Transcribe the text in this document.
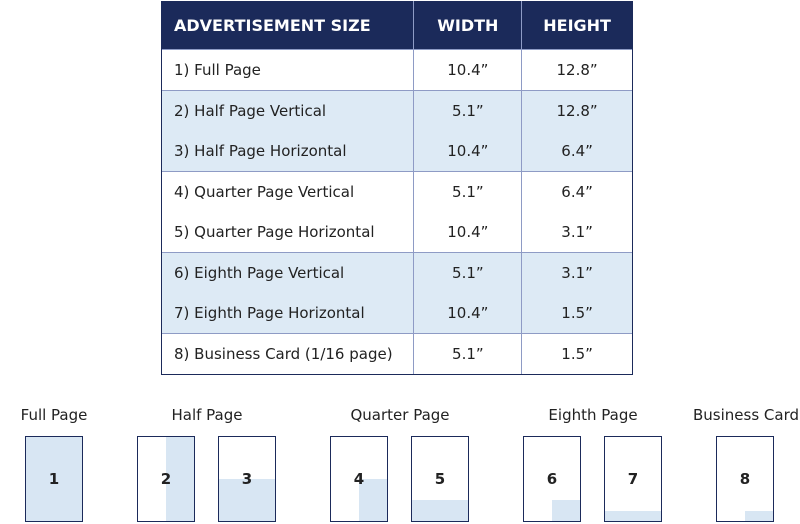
ADVERTISEMENT SIZE	WIDTH	HEIGHT
1) Full Page	10.4”	12.8”
2) Half Page Vertical	5.1”	12.8”
3) Half Page Horizontal	10.4”	6.4”
4) Quarter Page Vertical	5.1”	6.4”
5) Quarter Page Horizontal	10.4”	3.1”
6) Eighth Page Vertical	5.1”	3.1”
7) Eighth Page Horizontal	10.4”	1.5”
8) Business Card (1/16 page)	5.1”	1.5”
Full Page	Half Page	Quarter Page	Eighth Page	Business Card
1	2	3	4	5	6	7	8
